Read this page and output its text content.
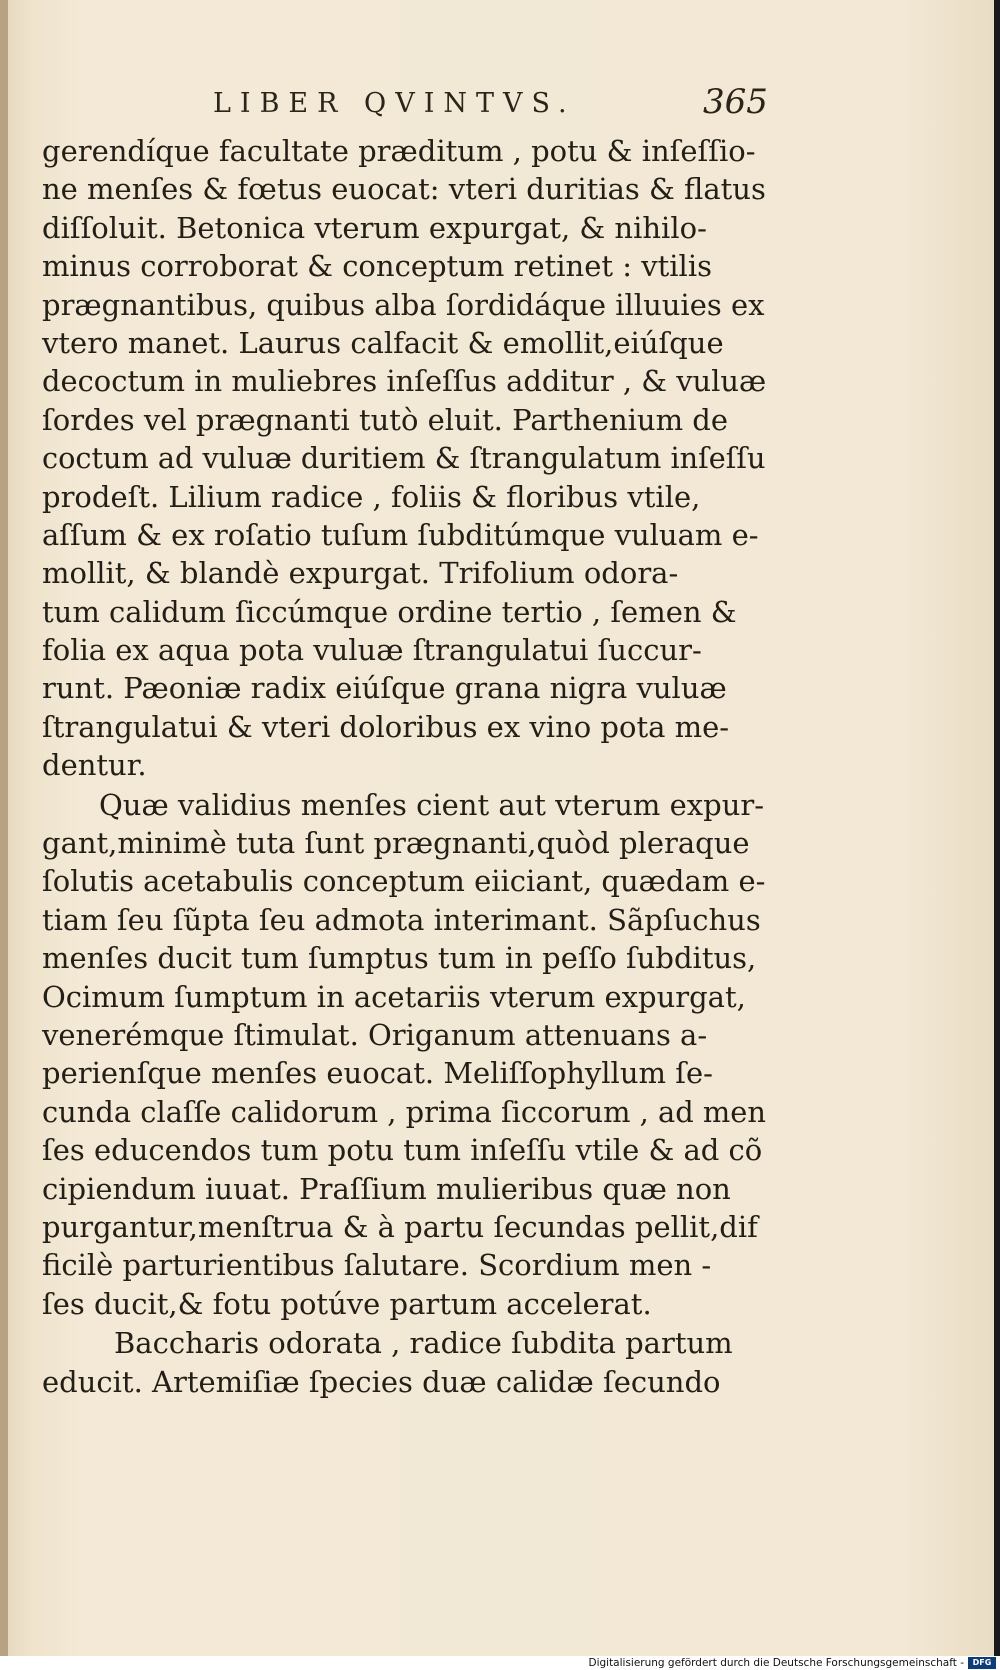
LIBER QVINTVS.	365
gerendíque facultate præditum , potu & inſeſſio-
ne menſes & fœtus euocat: vteri duritias & flatus
diſſoluit. Betonica vterum expurgat, & nihilo-
minus corroborat & conceptum retinet : vtilis
prægnantibus, quibus alba ſordidáque illuuies ex
vtero manet. Laurus calfacit & emollit,eiúſque
decoctum in muliebres inſeſſus additur , & vuluæ
ſordes vel prægnanti tutò eluit. Parthenium de
coctum ad vuluæ duritiem & ſtrangulatum inſeſſu
prodeſt. Lilium radice , foliis & floribus vtile,
aſſum & ex roſatio tuſum ſubditúmque vuluam e-
mollit, & blandè expurgat. Trifolium odora-
tum calidum ſiccúmque ordine tertio , ſemen &
folia ex aqua pota vuluæ ſtrangulatui ſuccur-
runt. Pæoniæ radix eiúſque grana nigra vuluæ
ſtrangulatui & vteri doloribus ex vino pota me-
dentur.
Quæ validius menſes cient aut vterum expur-
gant,minimè tuta ſunt prægnanti,quòd pleraque
ſolutis acetabulis conceptum eiiciant, quædam e-
tiam ſeu ſũpta ſeu admota interimant. Sãpſuchus
menſes ducit tum ſumptus tum in peſſo ſubditus,
Ocimum ſumptum in acetariis vterum expurgat,
venerémque ſtimulat. Origanum attenuans a-
perienſque menſes euocat. Meliſſophyllum ſe-
cunda claſſe calidorum , prima ſiccorum , ad men
ſes educendos tum potu tum inſeſſu vtile & ad cõ
cipiendum iuuat. Praſſium mulieribus quæ non
purgantur,menſtrua & à partu ſecundas pellit,dif
ficilè parturientibus ſalutare. Scordium men -
ſes ducit,& fotu potúve partum accelerat.
Baccharis odorata , radice ſubdita partum
educit. Artemiſiæ ſpecies duæ calidæ ſecundo
Digitalisierung gefördert durch die Deutsche Forschungsgemeinschaft -	DFG
